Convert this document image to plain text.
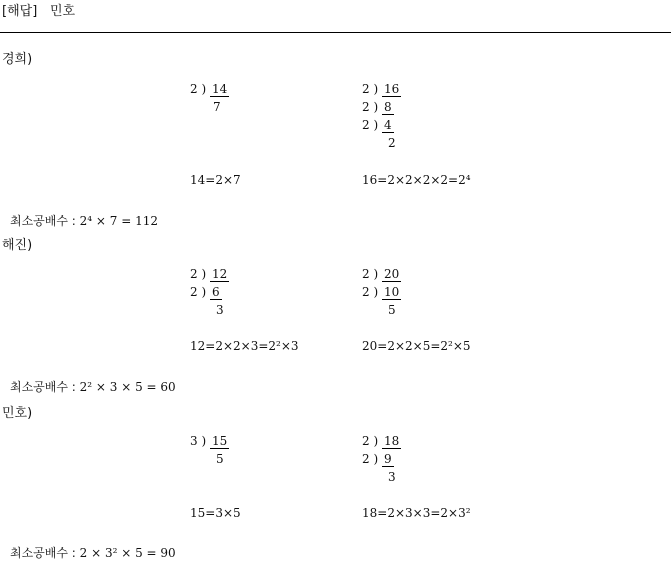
[해답] 민호
경희)
2 ) 14
7
2 ) 16
2 ) 8
2 ) 4
2
14=2×7	16=2×2×2×2=2⁴
최소공배수 : 2⁴ × 7 = 112
해진)
2 ) 12
2 ) 6
3
2 ) 20
2 ) 10
5
12=2×2×3=2²×3	20=2×2×5=2²×5
최소공배수 : 2² × 3 × 5 = 60
민호)
3 ) 15
5
2 ) 18
2 ) 9
3
15=3×5	18=2×3×3=2×3²
최소공배수 : 2 × 3² × 5 = 90
